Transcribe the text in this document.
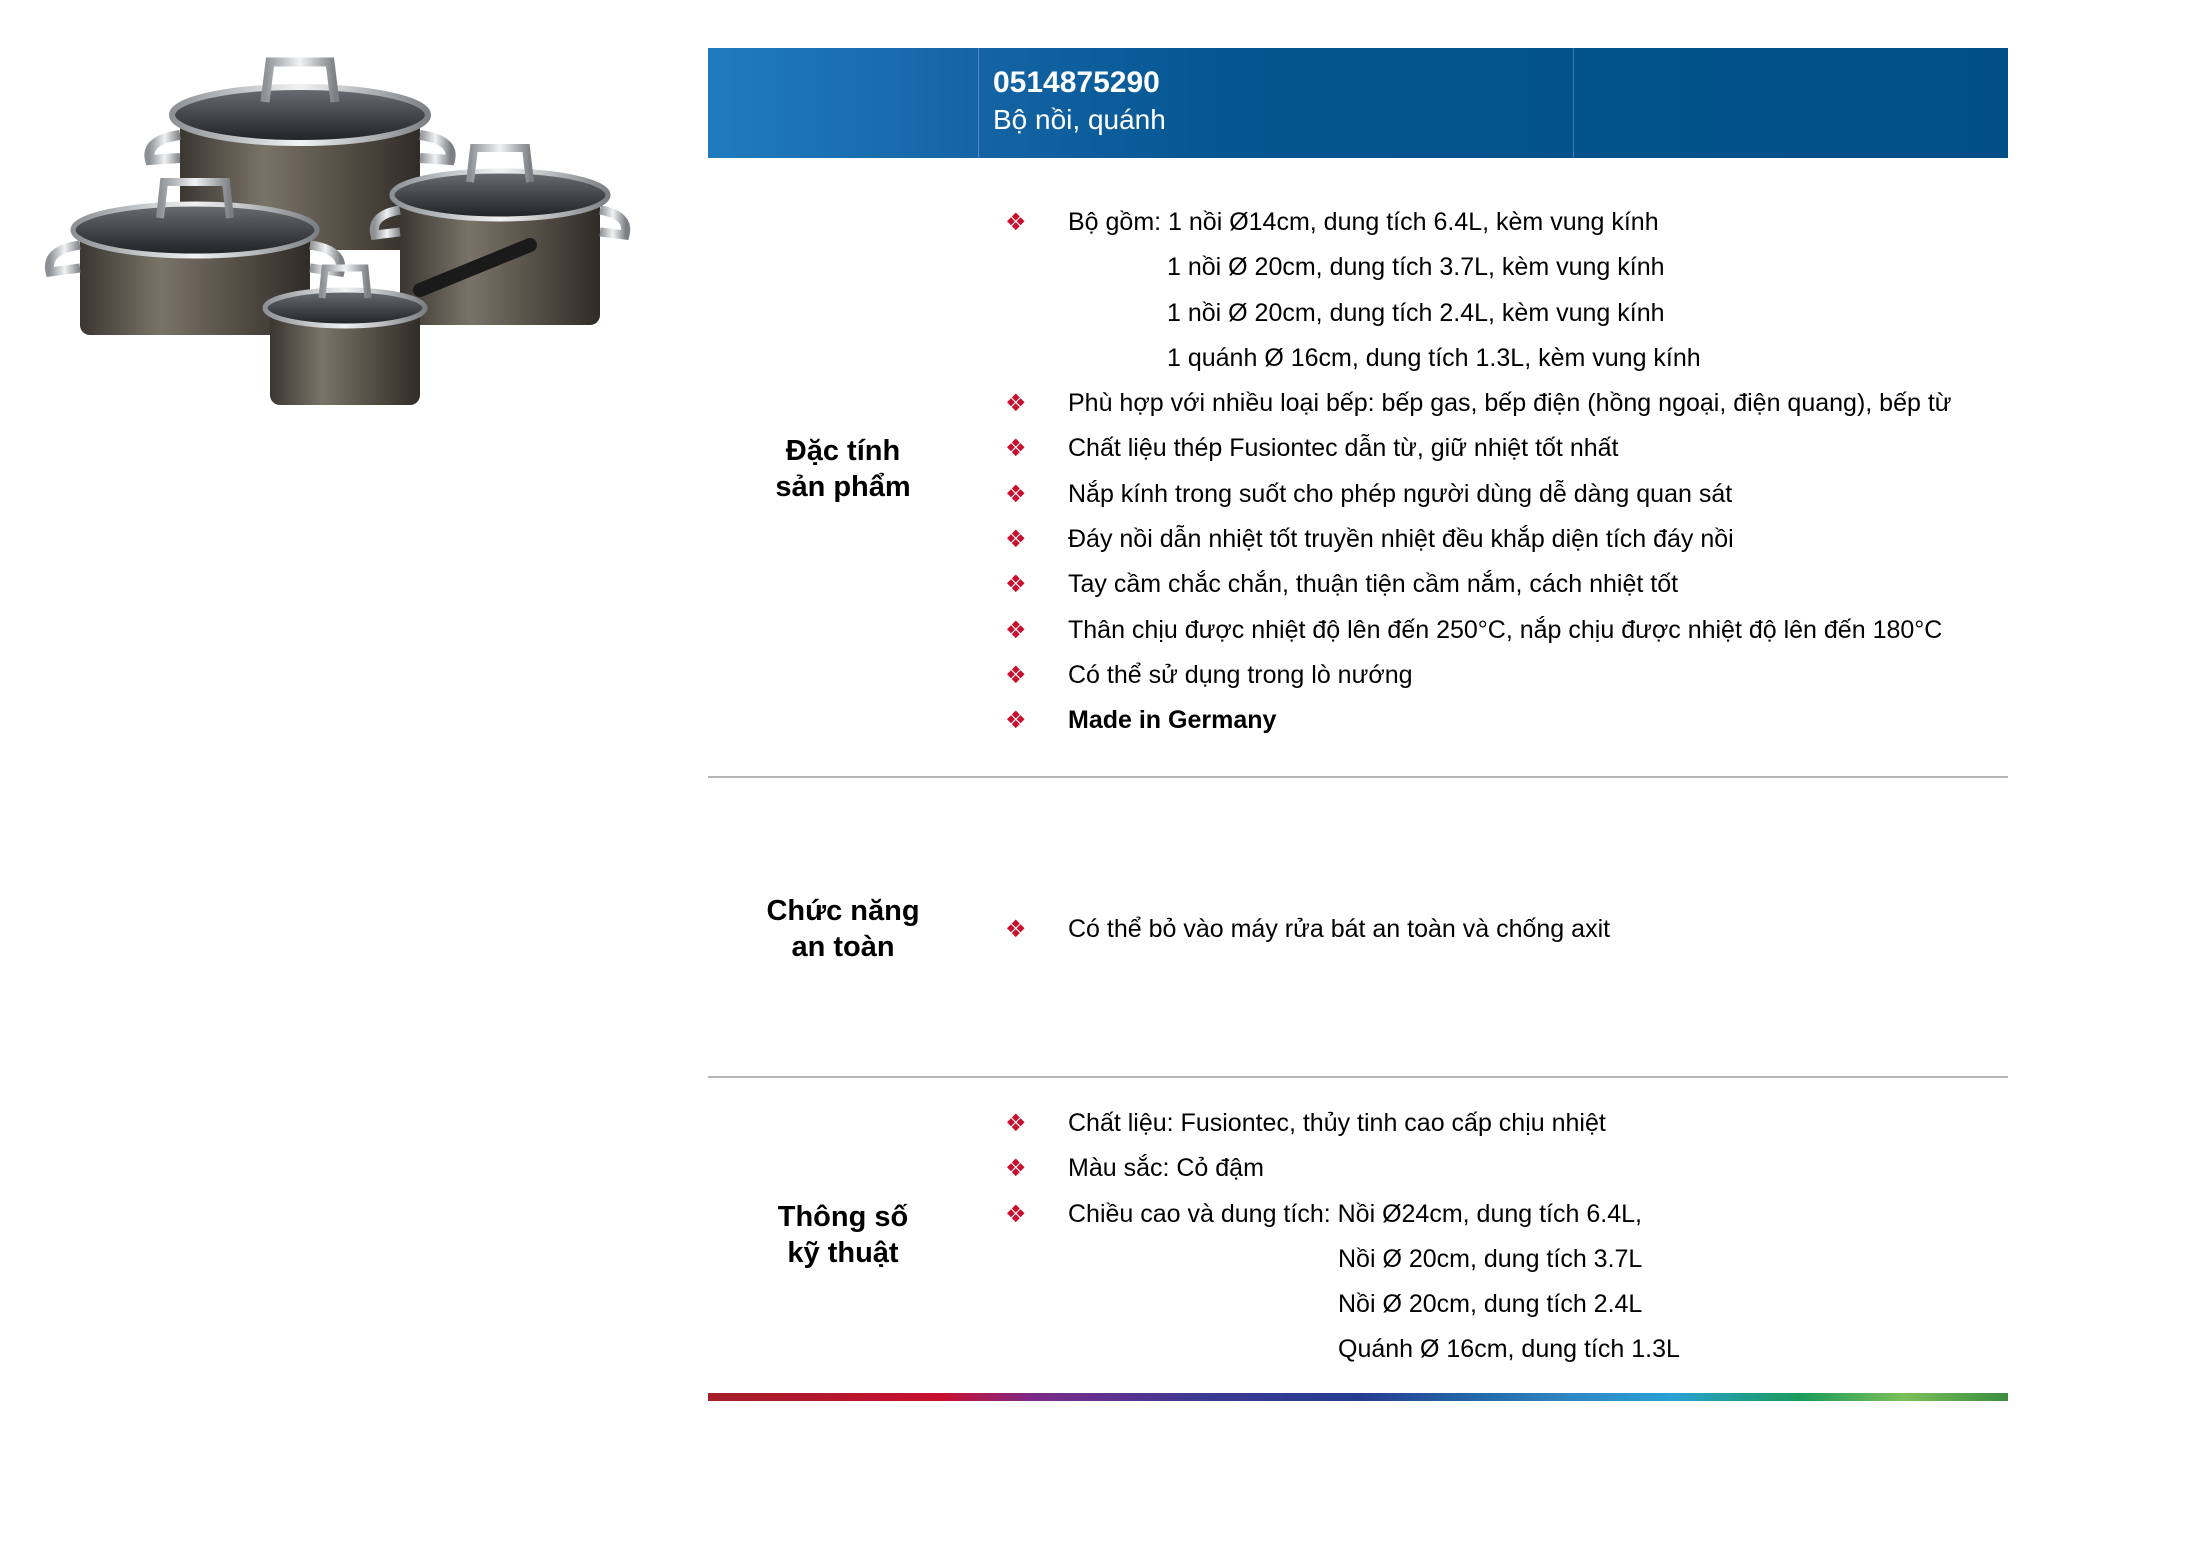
0514875290
Bộ nồi, quánh
Đặc tính
sản phẩm
❖ Bộ gồm: 1 nồi Ø14cm, dung tích 6.4L, kèm vung kính
1 nồi Ø 20cm, dung tích 3.7L, kèm vung kính
1 nồi Ø 20cm, dung tích 2.4L, kèm vung kính
1 quánh Ø 16cm, dung tích 1.3L, kèm vung kính
❖ Phù hợp với nhiều loại bếp: bếp gas, bếp điện (hồng ngoại, điện quang), bếp từ
❖ Chất liệu thép Fusiontec dẫn từ, giữ nhiệt tốt nhất
❖ Nắp kính trong suốt cho phép người dùng dễ dàng quan sát
❖ Đáy nồi dẫn nhiệt tốt truyền nhiệt đều khắp diện tích đáy nồi
❖ Tay cầm chắc chắn, thuận tiện cầm nắm, cách nhiệt tốt
❖ Thân chịu được nhiệt độ lên đến 250°C, nắp chịu được nhiệt độ lên đến 180°C
❖ Có thể sử dụng trong lò nướng
❖ Made in Germany
Chức năng
an toàn
❖ Có thể bỏ vào máy rửa bát an toàn và chống axit
Thông số
kỹ thuật
❖ Chất liệu: Fusiontec, thủy tinh cao cấp chịu nhiệt
❖ Màu sắc: Cỏ đậm
❖ Chiều cao và dung tích: Nồi Ø24cm, dung tích 6.4L,
Nồi Ø 20cm, dung tích 3.7L
Nồi Ø 20cm, dung tích 2.4L
Quánh Ø 16cm, dung tích 1.3L
